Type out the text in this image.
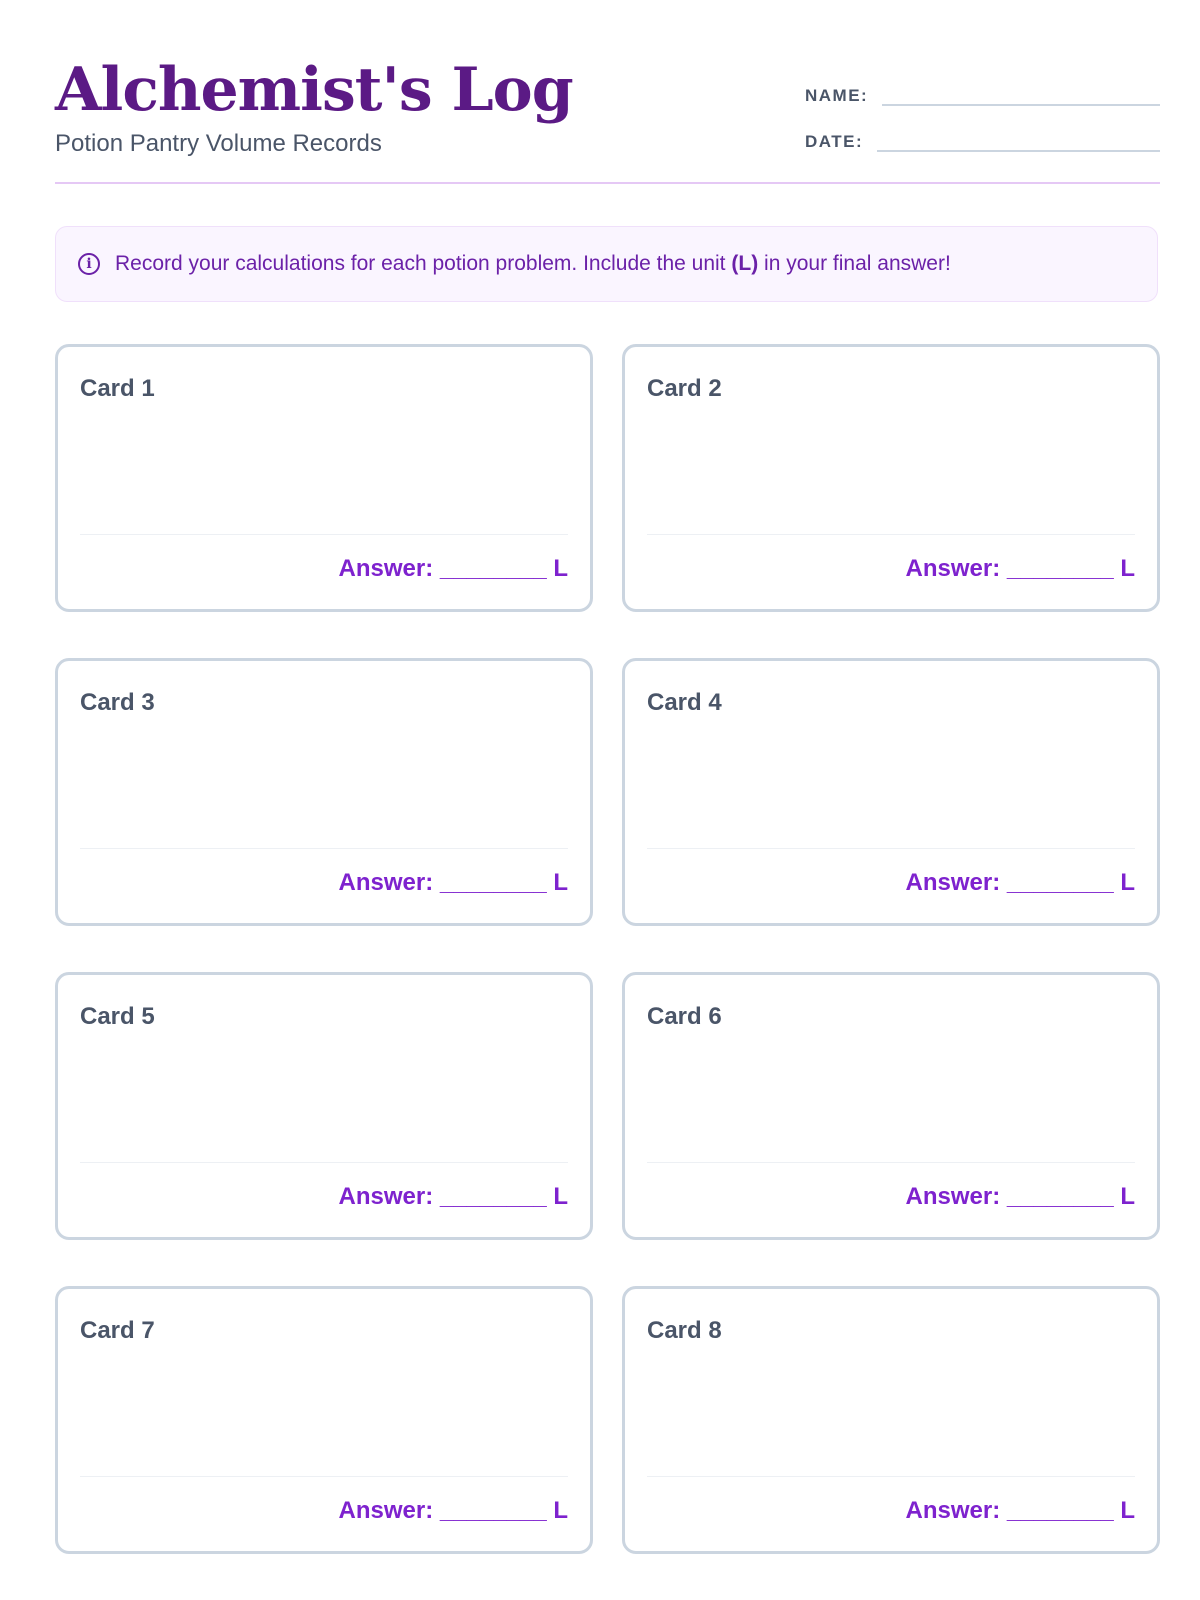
Alchemist's Log
Potion Pantry Volume Records
NAME:
DATE:
i	Record your calculations for each potion problem. Include the unit (L) in your final answer!
Card 1
Answer: ________ L
Card 2
Answer: ________ L
Card 3
Answer: ________ L
Card 4
Answer: ________ L
Card 5
Answer: ________ L
Card 6
Answer: ________ L
Card 7
Answer: ________ L
Card 8
Answer: ________ L
